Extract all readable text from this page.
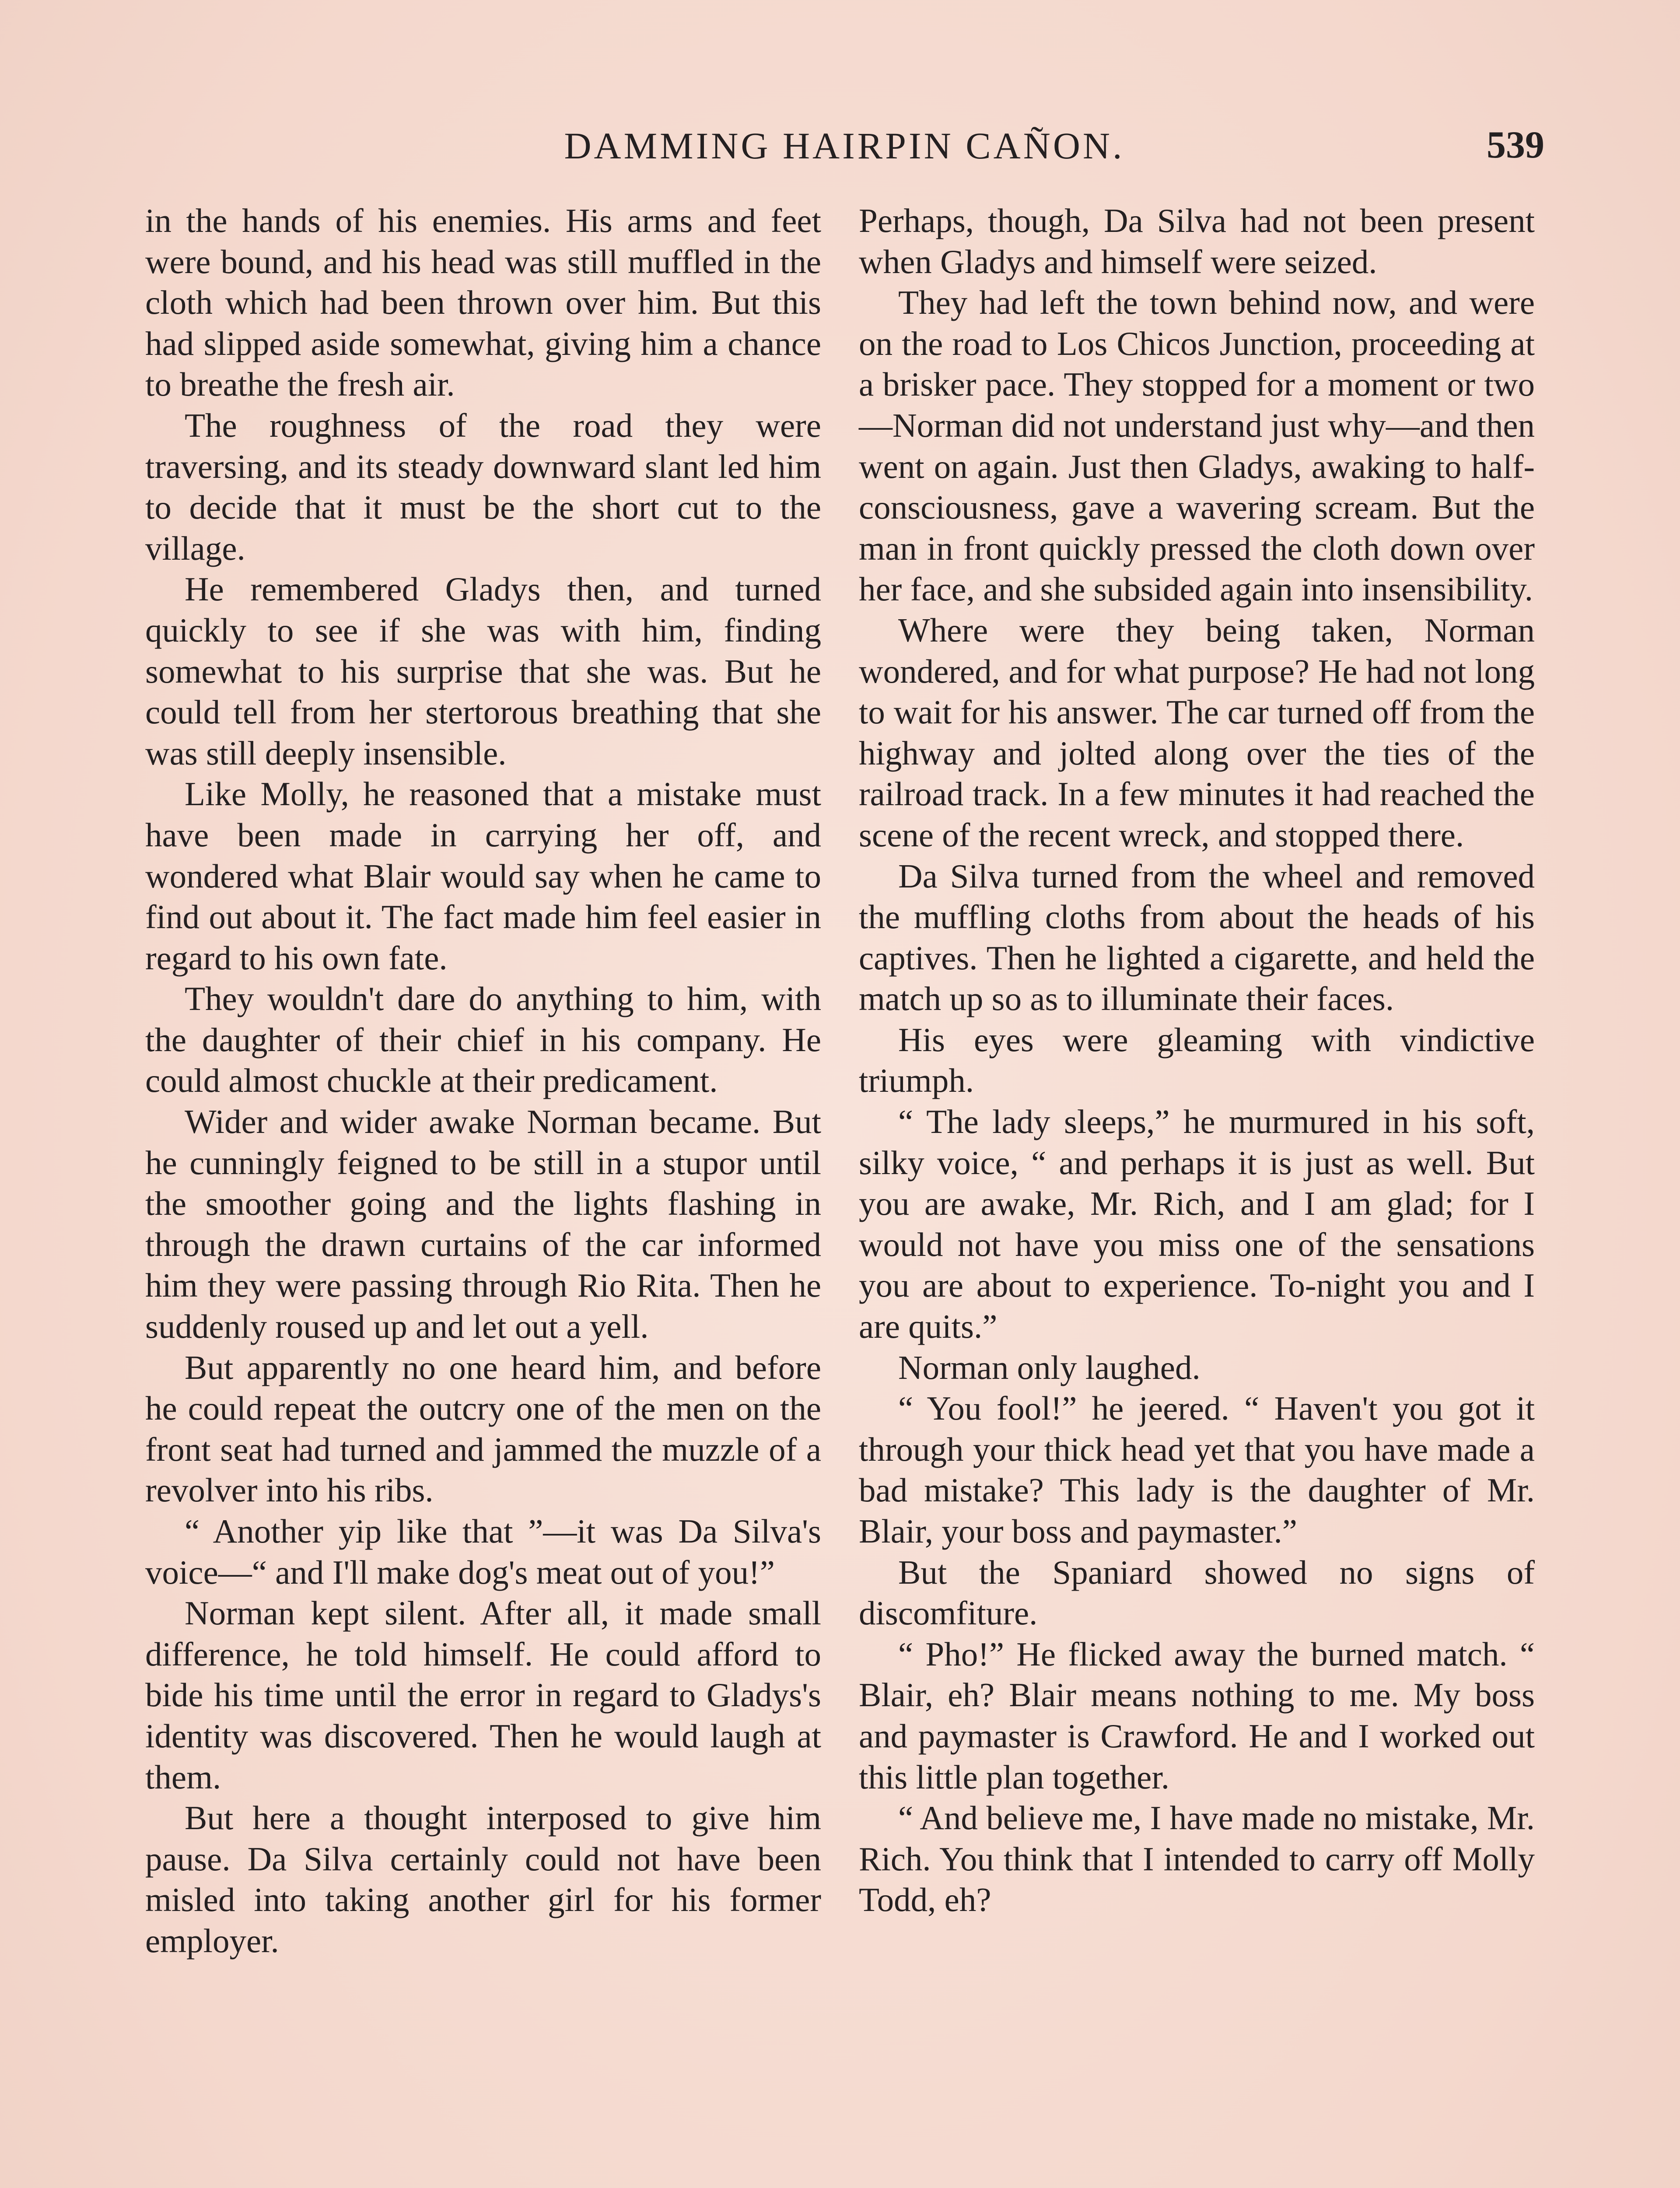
DAMMING HAIRPIN CAÑON.	539

in the hands of his enemies. His arms and feet were bound, and his head was still muffled in the cloth which had been thrown over him. But this had slipped aside somewhat, giving him a chance to breathe the fresh air.

The roughness of the road they were traversing, and its steady downward slant led him to decide that it must be the short cut to the village.

He remembered Gladys then, and turned quickly to see if she was with him, finding somewhat to his surprise that she was. But he could tell from her stertorous breathing that she was still deeply insensible.

Like Molly, he reasoned that a mistake must have been made in carrying her off, and wondered what Blair would say when he came to find out about it. The fact made him feel easier in regard to his own fate.

They wouldn't dare do anything to him, with the daughter of their chief in his company. He could almost chuckle at their predicament.

Wider and wider awake Norman became. But he cunningly feigned to be still in a stupor until the smoother going and the lights flashing in through the drawn curtains of the car informed him they were passing through Rio Rita. Then he suddenly roused up and let out a yell.

But apparently no one heard him, and before he could repeat the outcry one of the men on the front seat had turned and jammed the muzzle of a revolver into his ribs.

“ Another yip like that ”—it was Da Silva's voice—“ and I'll make dog's meat out of you!”

Norman kept silent. After all, it made small difference, he told himself. He could afford to bide his time until the error in regard to Gladys's identity was discovered. Then he would laugh at them.

But here a thought interposed to give him pause. Da Silva certainly could not have been misled into taking another girl for his former employer.

Perhaps, though, Da Silva had not been present when Gladys and himself were seized.

They had left the town behind now, and were on the road to Los Chicos Junction, proceeding at a brisker pace. They stopped for a moment or two—Norman did not understand just why—and then went on again. Just then Gladys, awaking to half-consciousness, gave a wavering scream. But the man in front quickly pressed the cloth down over her face, and she subsided again into insensibility.

Where were they being taken, Norman wondered, and for what purpose? He had not long to wait for his answer. The car turned off from the highway and jolted along over the ties of the railroad track. In a few minutes it had reached the scene of the recent wreck, and stopped there.

Da Silva turned from the wheel and removed the muffling cloths from about the heads of his captives. Then he lighted a cigarette, and held the match up so as to illuminate their faces.

His eyes were gleaming with vindictive triumph.

“ The lady sleeps,” he murmured in his soft, silky voice, “ and perhaps it is just as well. But you are awake, Mr. Rich, and I am glad; for I would not have you miss one of the sensations you are about to experience. To-night you and I are quits.”

Norman only laughed.

“ You fool!” he jeered. “ Haven't you got it through your thick head yet that you have made a bad mistake? This lady is the daughter of Mr. Blair, your boss and paymaster.”

But the Spaniard showed no signs of discomfiture.

“ Pho!” He flicked away the burned match. “ Blair, eh? Blair means nothing to me. My boss and paymaster is Crawford. He and I worked out this little plan together.

“ And believe me, I have made no mistake, Mr. Rich. You think that I intended to carry off Molly Todd, eh?
